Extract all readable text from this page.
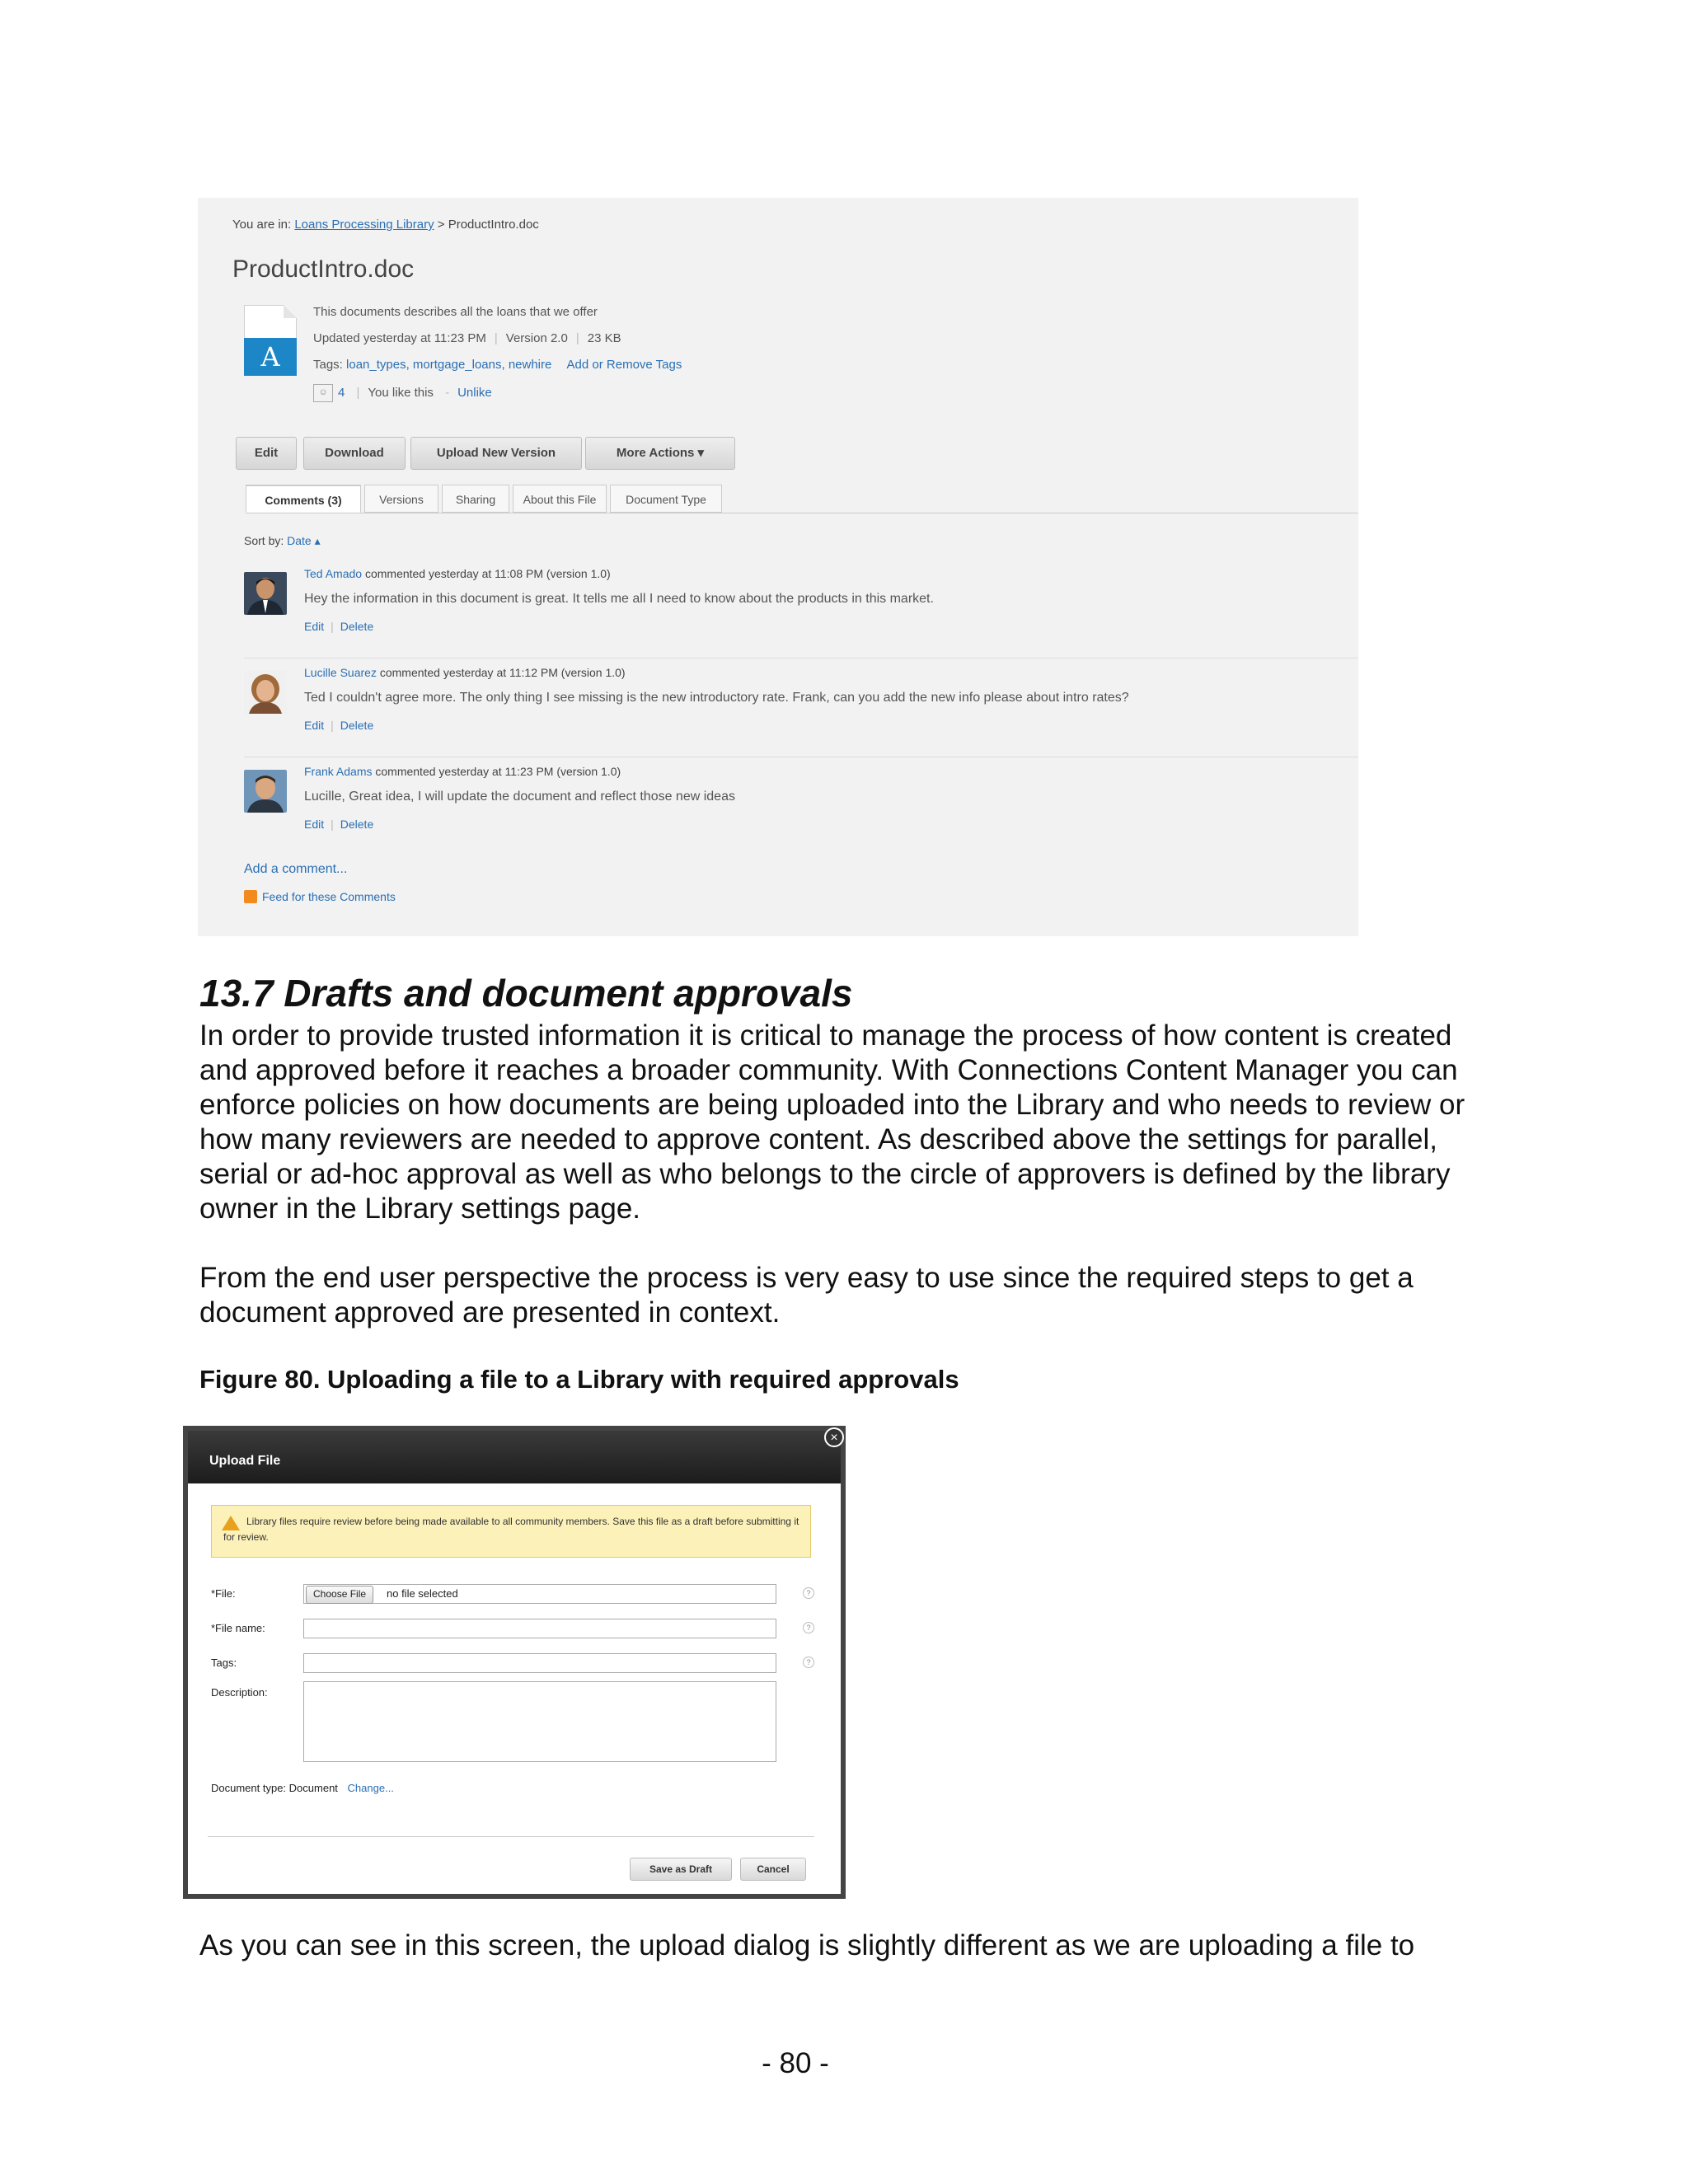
You are in: Loans Processing Library > ProductIntro.doc
ProductIntro.doc
A
This documents describes all the loans that we offer
Updated yesterday at 11:23 PM | Version 2.0 | 23 KB
Tags: loan_types, mortgage_loans, newhire Add or Remove Tags
☺ 4 | You like this - Unlike
Edit	Download	Upload New Version	More Actions ▾
Comments (3)	Versions	Sharing	About this File	Document Type
Sort by: Date ▴
Ted Amado commented yesterday at 11:08 PM (version 1.0)
Hey the information in this document is great. It tells me all I need to know about the products in this market.
Edit | Delete
Lucille Suarez commented yesterday at 11:12 PM (version 1.0)
Ted I couldn't agree more. The only thing I see missing is the new introductory rate. Frank, can you add the new info please about intro rates?
Edit | Delete
Frank Adams commented yesterday at 11:23 PM (version 1.0)
Lucille, Great idea, I will update the document and reflect those new ideas
Edit | Delete
Add a comment...
Feed for these Comments
13.7 Drafts and document approvals

In order to provide trusted information it is critical to manage the process of how content is created and approved before it reaches a broader community. With Connections Content Manager you can enforce policies on how documents are being uploaded into the Library and who needs to review or how many reviewers are needed to approve content. As described above the settings for parallel, serial or ad-hoc approval as well as who belongs to the circle of approvers is defined by the library owner in the Library settings page.

From the end user perspective the process is very easy to use since the required steps to get a document approved are presented in context.

Figure 80. Uploading a file to a Library with required approvals

Upload File
×
Library files require review before being made available to all community members. Save this file as a draft before submitting it for review.
*File:	Choose File	no file selected	?
*File name:	?
Tags:	?
Description:
Document type: Document Change...
Save as Draft	Cancel

As you can see in this screen, the upload dialog is slightly different as we are uploading a file to

- 80 -
